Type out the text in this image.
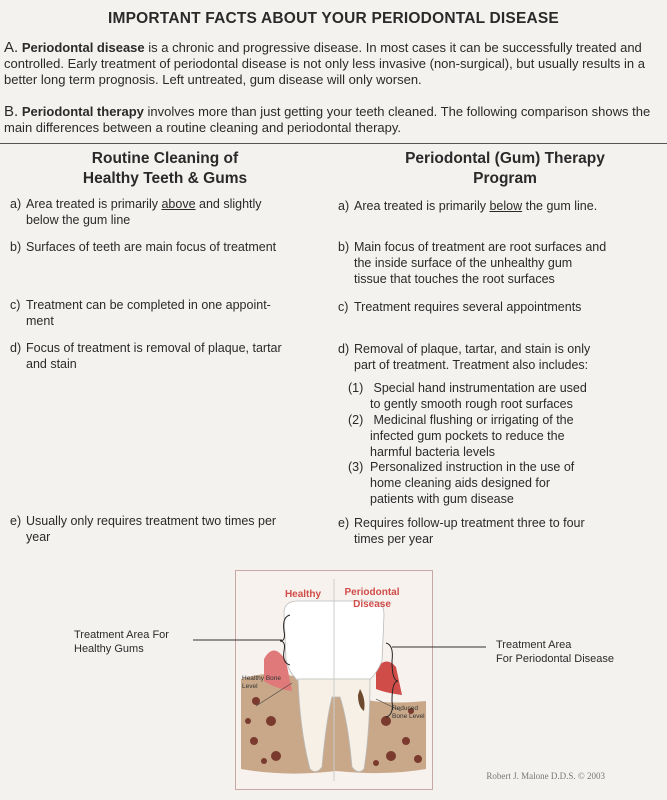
IMPORTANT FACTS ABOUT YOUR PERIODONTAL DISEASE

A. Periodontal disease is a chronic and progressive disease. In most cases it can be successfully treated and controlled. Early treatment of periodontal disease is not only less invasive (non-surgical), but usually results in a better long term prognosis. Left untreated, gum disease will only worsen.

B. Periodontal therapy involves more than just getting your teeth cleaned. The following comparison shows the main differences between a routine cleaning and periodontal therapy.

Routine Cleaning of
Healthy Teeth & Gums
Periodontal (Gum) Therapy
Program
a) Area treated is primarily above and slightly
below the gum line
b) Surfaces of teeth are main focus of treatment
c) Treatment can be completed in one appoint-
ment
d) Focus of treatment is removal of plaque, tartar
and stain
e) Usually only requires treatment two times per
year
a) Area treated is primarily below the gum line.
b) Main focus of treatment are root surfaces and
the inside surface of the unhealthy gum
tissue that touches the root surfaces
c) Treatment requires several appointments
d) Removal of plaque, tartar, and stain is only
part of treatment. Treatment also includes:
(1) Special hand instrumentation are used
to gently smooth rough root surfaces
(2) Medicinal flushing or irrigating of the
infected gum pockets to reduce the
harmful bacteria levels
(3) Personalized instruction in the use of
home cleaning aids designed for
patients with gum disease
e) Requires follow-up treatment three to four
times per year
Healthy	Periodontal
Disease
Healthy Bone
Level
Reduced
Bone Level
Treatment Area For
Healthy Gums	Treatment Area
For Periodontal Disease
Robert J. Malone D.D.S. © 2003
